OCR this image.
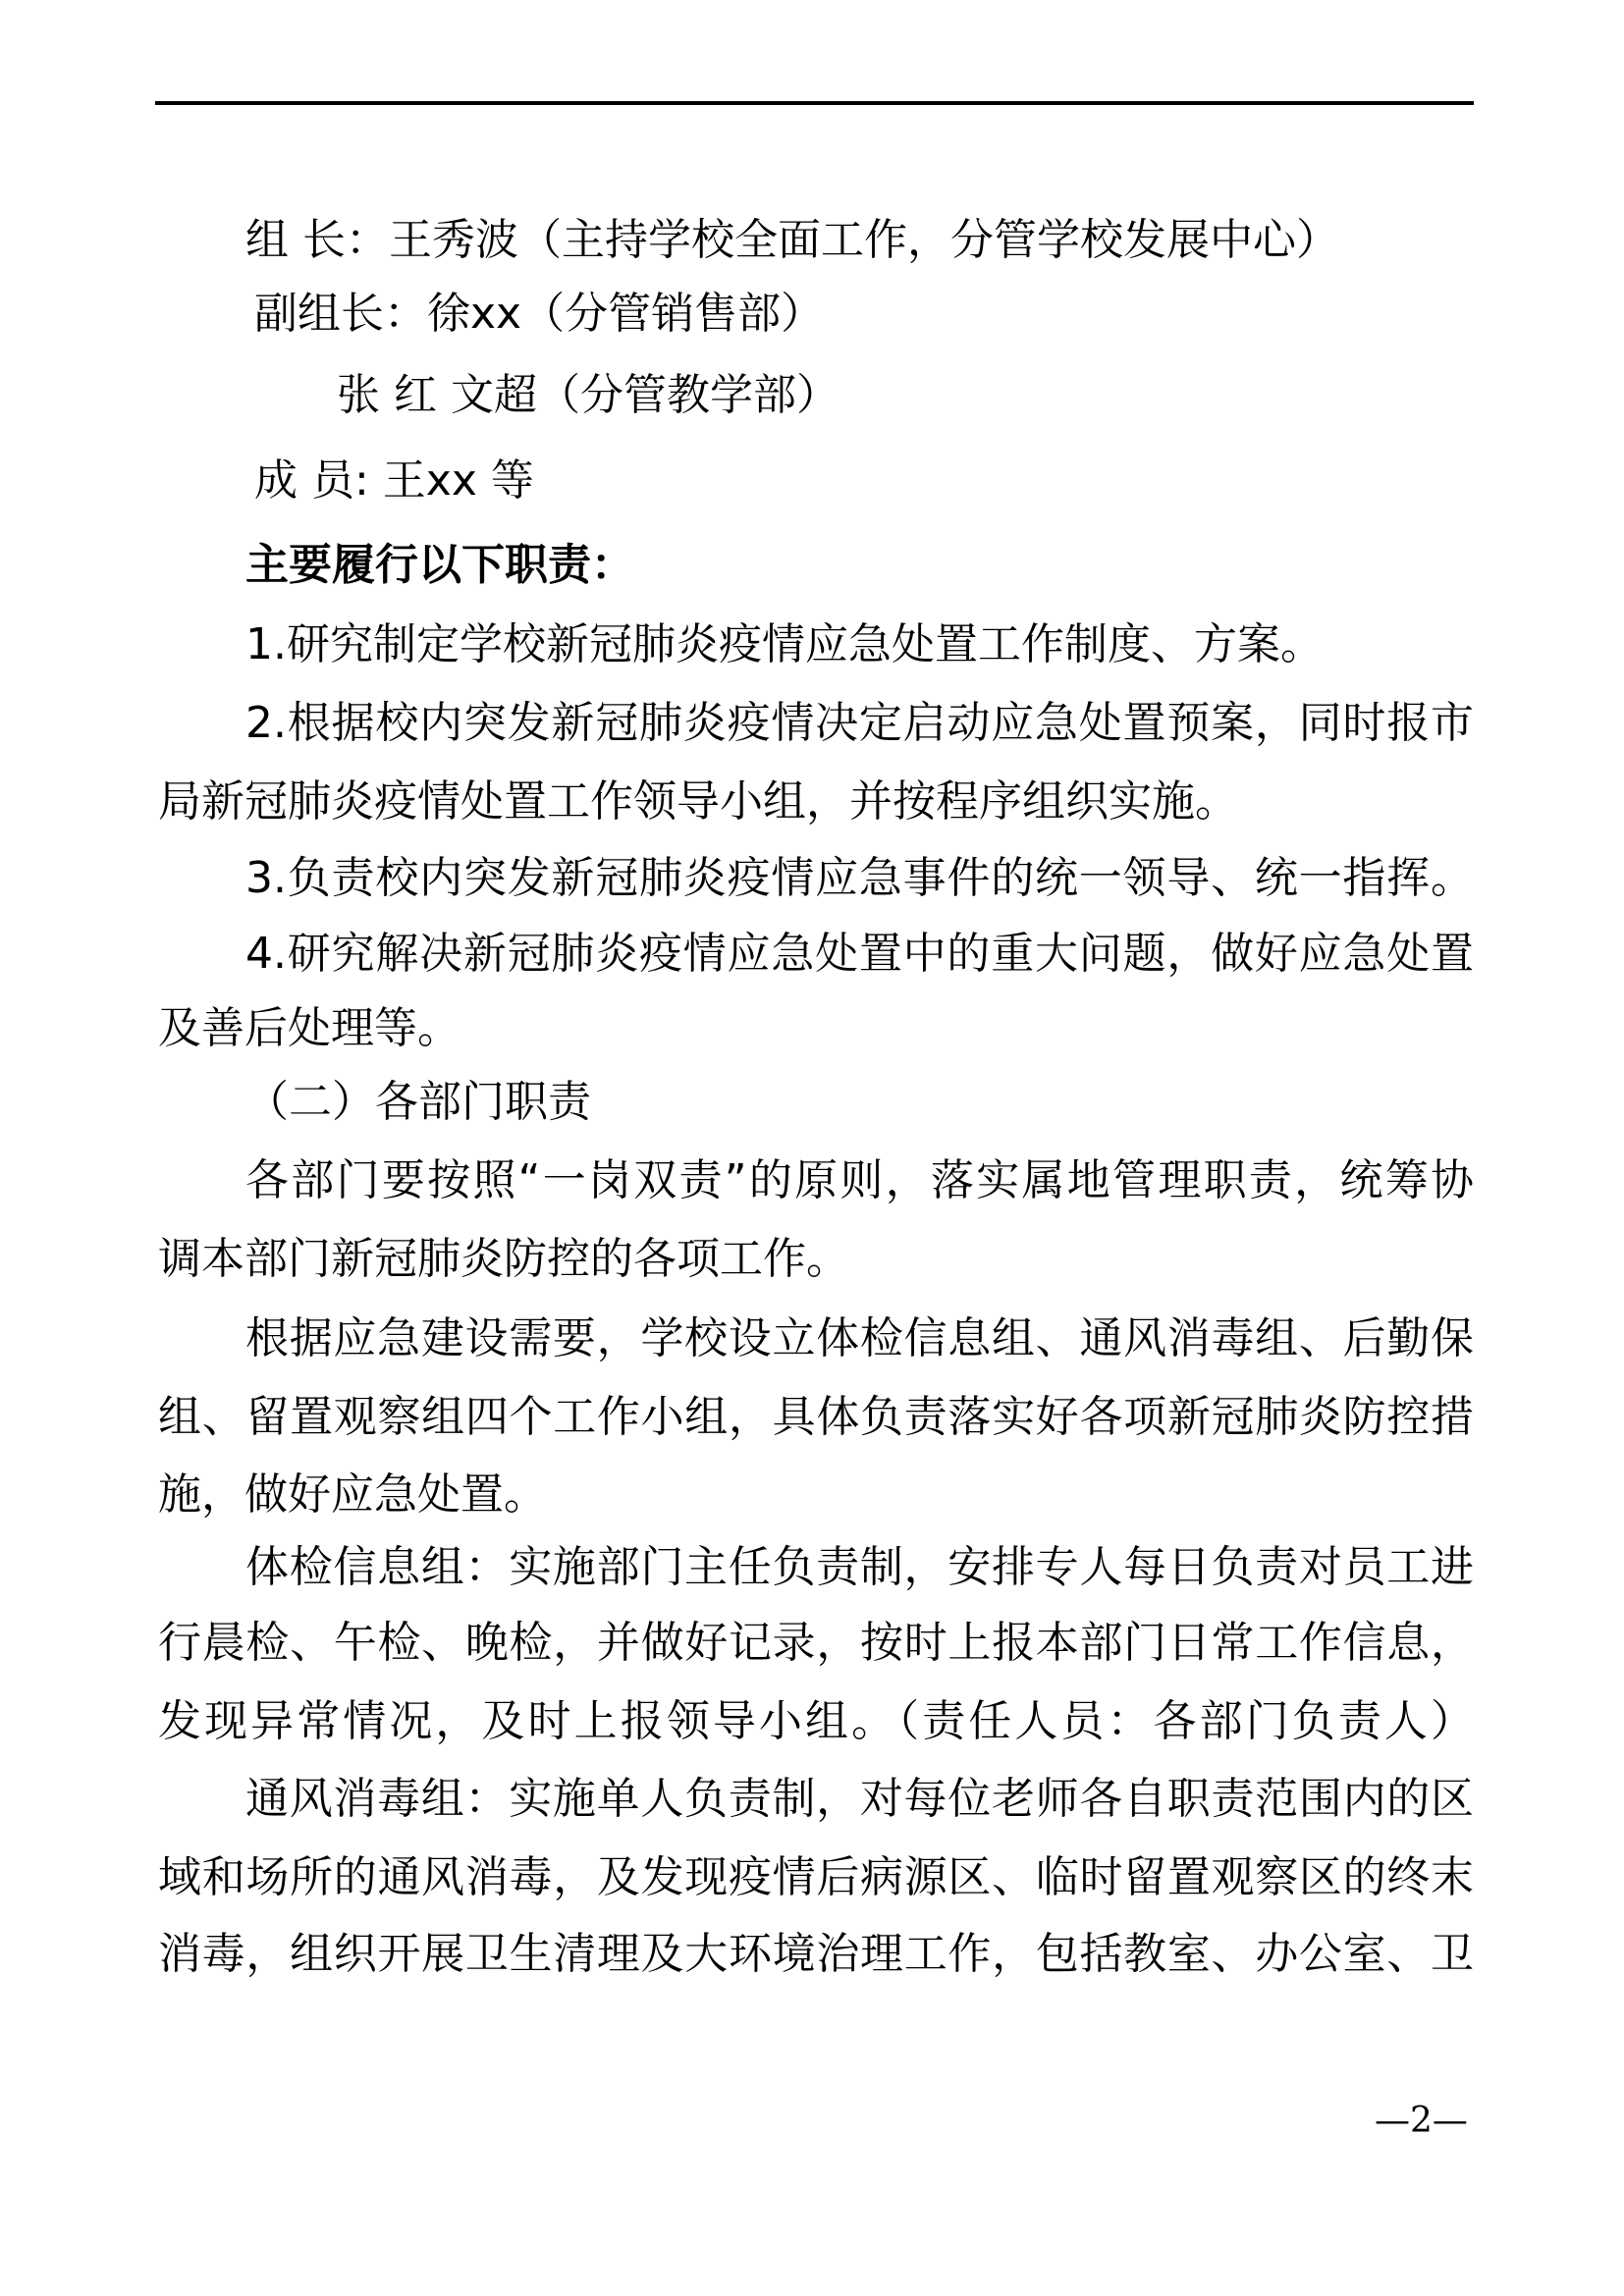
组 长：王秀波（主持学校全面工作，分管学校发展中心）
副组长：徐xx（分管销售部）
张 红 文超（分管教学部）
成 员: 王xx 等
主要履行以下职责：
1.研究制定学校新冠肺炎疫情应急处置工作制度、方案。
2.根据校内突发新冠肺炎疫情决定启动应急处置预案，同时报市
局新冠肺炎疫情处置工作领导小组，并按程序组织实施。
3.负责校内突发新冠肺炎疫情应急事件的统一领导、统一指挥。
4.研究解决新冠肺炎疫情应急处置中的重大问题，做好应急处置
及善后处理等。
（二）各部门职责
各部门要按照“一岗双责”的原则，落实属地管理职责，统筹协
调本部门新冠肺炎防控的各项工作。
根据应急建设需要，学校设立体检信息组、通风消毒组、后勤保
组、留置观察组四个工作小组，具体负责落实好各项新冠肺炎防控措
施，做好应急处置。
体检信息组：实施部门主任负责制，安排专人每日负责对员工进
行晨检、午检、晚检，并做好记录，按时上报本部门日常工作信息，
发现异常情况，及时上报领导小组。（责任人员：各部门负责人）
通风消毒组：实施单人负责制，对每位老师各自职责范围内的区
域和场所的通风消毒，及发现疫情后病源区、临时留置观察区的终末
消毒，组织开展卫生清理及大环境治理工作，包括教室、办公室、卫
—2—
